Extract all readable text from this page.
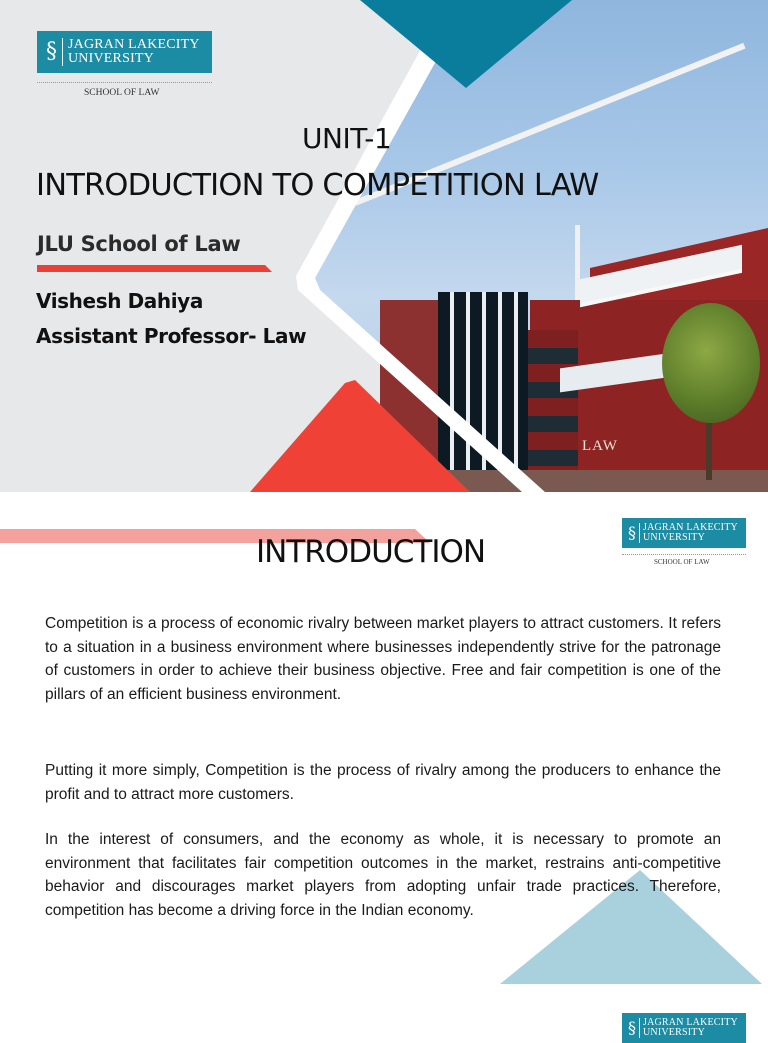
LAW
§ JAGRAN LAKECITY
UNIVERSITY
SCHOOL OF LAW
UNIT-1
INTRODUCTION TO COMPETITION LAW
JLU School of Law
Vishesh Dahiya
Assistant Professor- Law
INTRODUCTION
§ JAGRAN LAKECITY
UNIVERSITY
SCHOOL OF LAW

Competition is a process of economic rivalry between market players to attract customers. It refers to a situation in a business environment where businesses independently strive for the patronage of customers in order to achieve their business objective. Free and fair competition is one of the pillars of an efficient business environment.

Putting it more simply, Competition is the process of rivalry among the producers to enhance the profit and to attract more customers.

In the interest of consumers, and the economy as whole, it is necessary to promote an environment that facilitates fair competition outcomes in the market, restrains anti-competitive behavior and discourages market players from adopting unfair trade practices. Therefore, competition has become a driving force in the Indian economy.

§ JAGRAN LAKECITY
UNIVERSITY
